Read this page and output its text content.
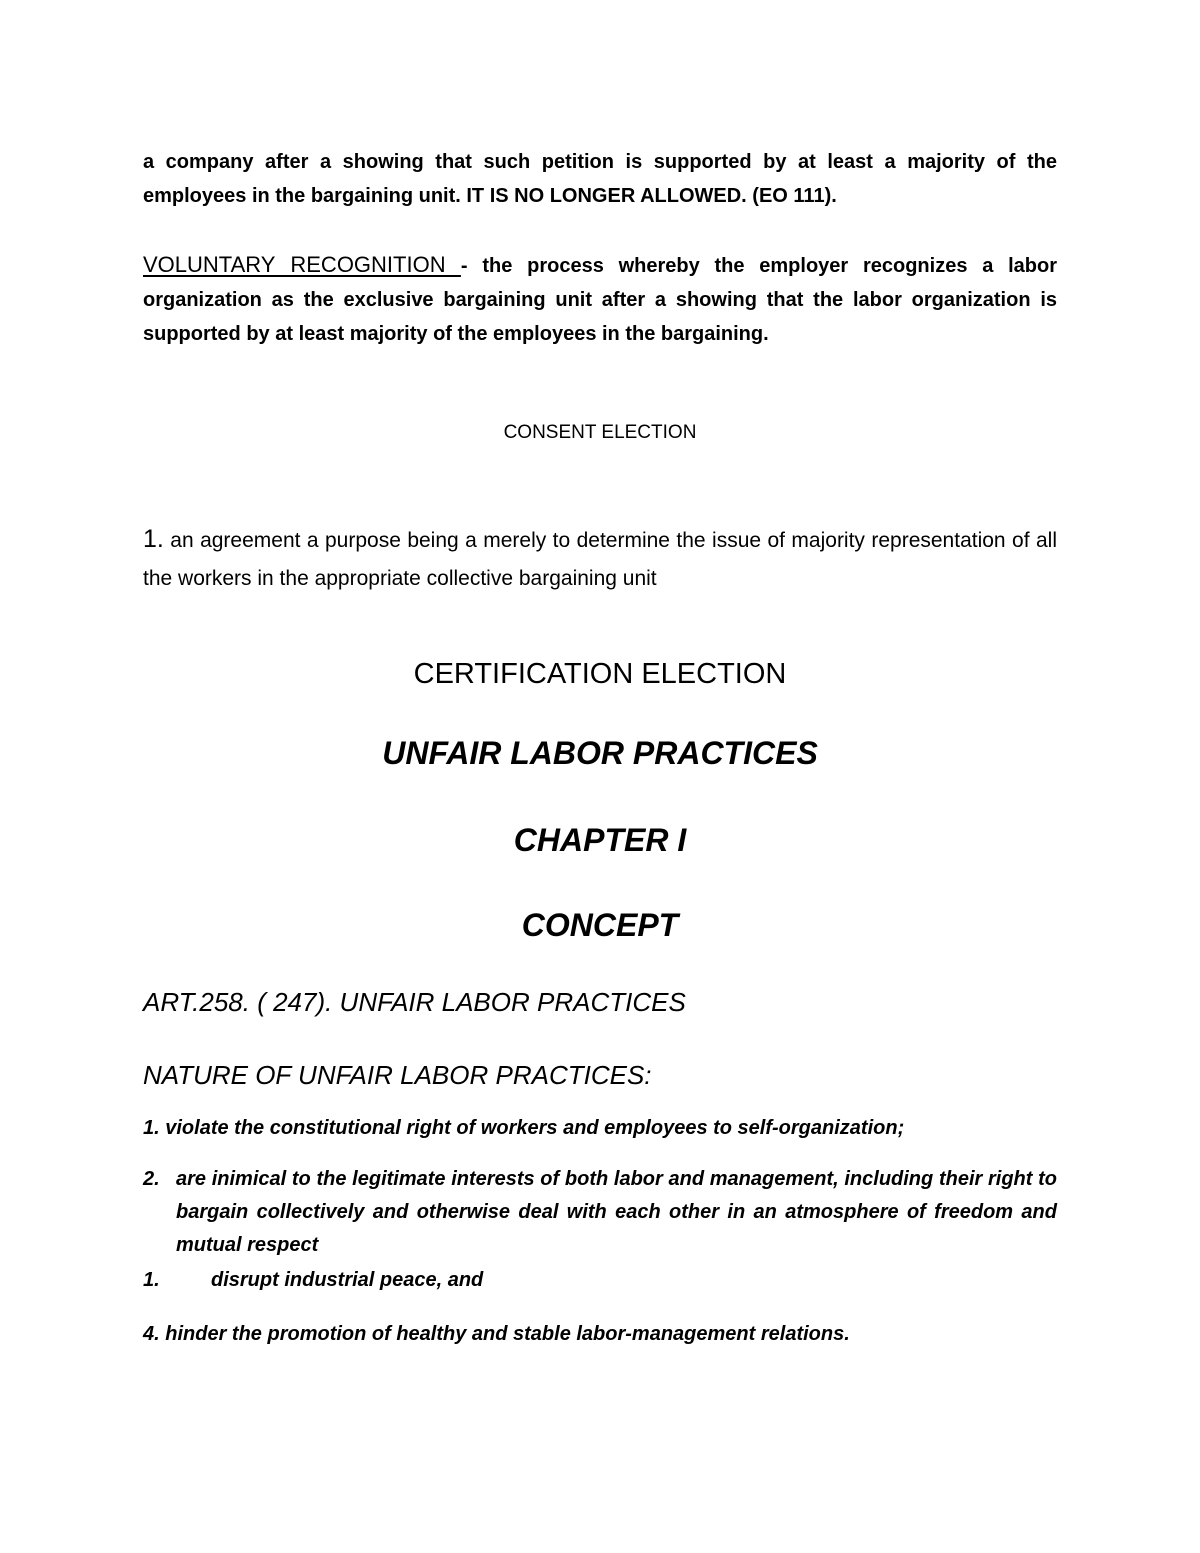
a company after a showing that such petition is supported by at least a majority of the employees in the bargaining unit. IT IS NO LONGER ALLOWED. (EO 111).

VOLUNTARY RECOGNITION - the process whereby the employer recognizes a labor organization as the exclusive bargaining unit after a showing that the labor organization is supported by at least majority of the employees in the bargaining.

CONSENT ELECTION

1. an agreement a purpose being a merely to determine the issue of majority representation of all the workers in the appropriate collective bargaining unit

CERTIFICATION ELECTION
UNFAIR LABOR PRACTICES
CHAPTER I
CONCEPT
ART.258. ( 247). UNFAIR LABOR PRACTICES
NATURE OF UNFAIR LABOR PRACTICES:
1. violate the constitutional right of workers and employees to self-organization;
2. are inimical to the legitimate interests of both labor and management, including their right to bargain collectively and otherwise deal with each other in an atmosphere of freedom and mutual respect
1.	disrupt industrial peace, and
4. hinder the promotion of healthy and stable labor-management relations.
